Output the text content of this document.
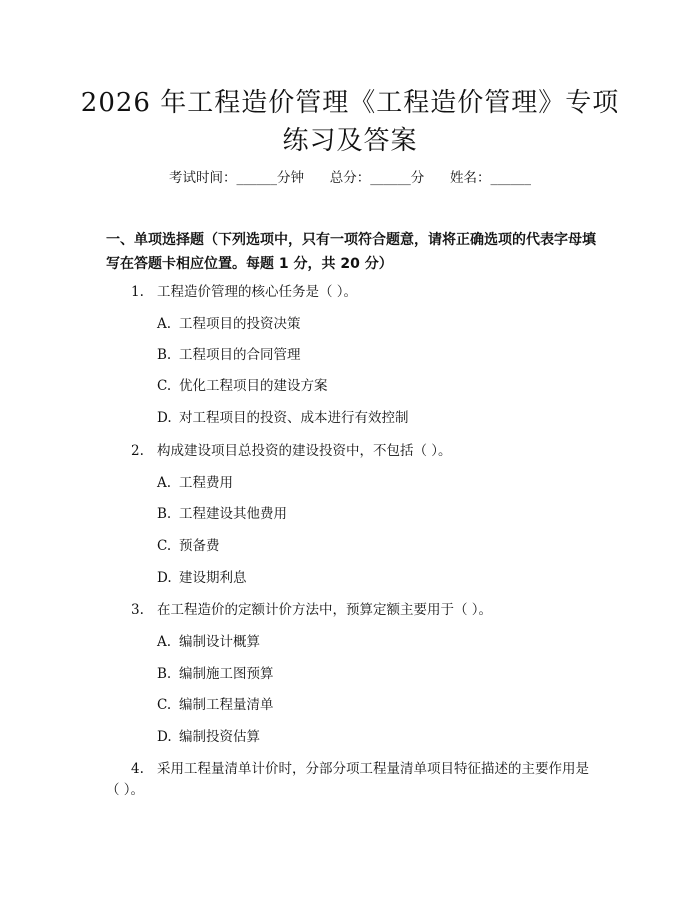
2026 年工程造价管理《工程造价管理》专项
练习及答案
考试时间：______分钟      总分：______分      姓名：______
一、单项选择题（下列选项中，只有一项符合题意，请将正确选项的代表字母填
写在答题卡相应位置。每题 1 分，共 20 分）
1. 工程造价管理的核心任务是（ ）。
A. 工程项目的投资决策
B. 工程项目的合同管理
C. 优化工程项目的建设方案
D. 对工程项目的投资、成本进行有效控制
2. 构成建设项目总投资的建设投资中，不包括（ ）。
A. 工程费用
B. 工程建设其他费用
C. 预备费
D. 建设期利息
3. 在工程造价的定额计价方法中，预算定额主要用于（ ）。
A. 编制设计概算
B. 编制施工图预算
C. 编制工程量清单
D. 编制投资估算
4. 采用工程量清单计价时，分部分项工程量清单项目特征描述的主要作用是
（ ）。
